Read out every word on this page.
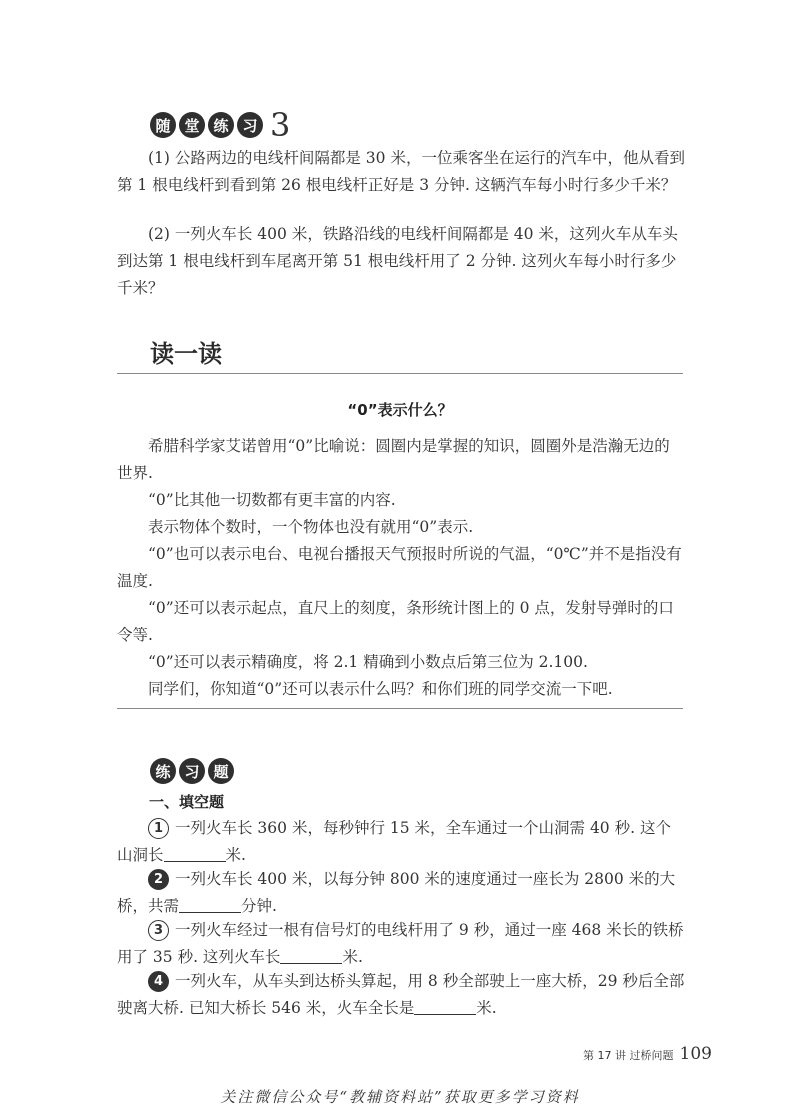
随 堂 练 习 3
(1) 公路两边的电线杆间隔都是 30 米，一位乘客坐在运行的汽车中，他从看到第 1 根电线杆到看到第 26 根电线杆正好是 3 分钟. 这辆汽车每小时行多少千米？
(2) 一列火车长 400 米，铁路沿线的电线杆间隔都是 40 米，这列火车从车头到达第 1 根电线杆到车尾离开第 51 根电线杆用了 2 分钟. 这列火车每小时行多少千米？
读一读
“0”表示什么？
希腊科学家艾诺曾用“0”比喻说：圆圈内是掌握的知识，圆圈外是浩瀚无边的世界.
“0”比其他一切数都有更丰富的内容.
表示物体个数时，一个物体也没有就用“0”表示.
“0”也可以表示电台、电视台播报天气预报时所说的气温，“0℃”并不是指没有温度.
“0”还可以表示起点，直尺上的刻度，条形统计图上的 0 点，发射导弹时的口令等.
“0”还可以表示精确度，将 2.1 精确到小数点后第三位为 2.100.
同学们，你知道“0”还可以表示什么吗？和你们班的同学交流一下吧.
练 习 题
一、填空题
1 一列火车长 360 米，每秒钟行 15 米，全车通过一个山洞需 40 秒. 这个山洞长	米.
2 一列火车长 400 米，以每分钟 800 米的速度通过一座长为 2800 米的大桥，共需	分钟.
3 一列火车经过一根有信号灯的电线杆用了 9 秒，通过一座 468 米长的铁桥用了 35 秒. 这列火车长	米.
4 一列火车，从车头到达桥头算起，用 8 秒全部驶上一座大桥，29 秒后全部驶离大桥. 已知大桥长 546 米，火车全长是	米.
第 17 讲 过桥问题 109
关注微信公众号“教辅资料站”获取更多学习资料
